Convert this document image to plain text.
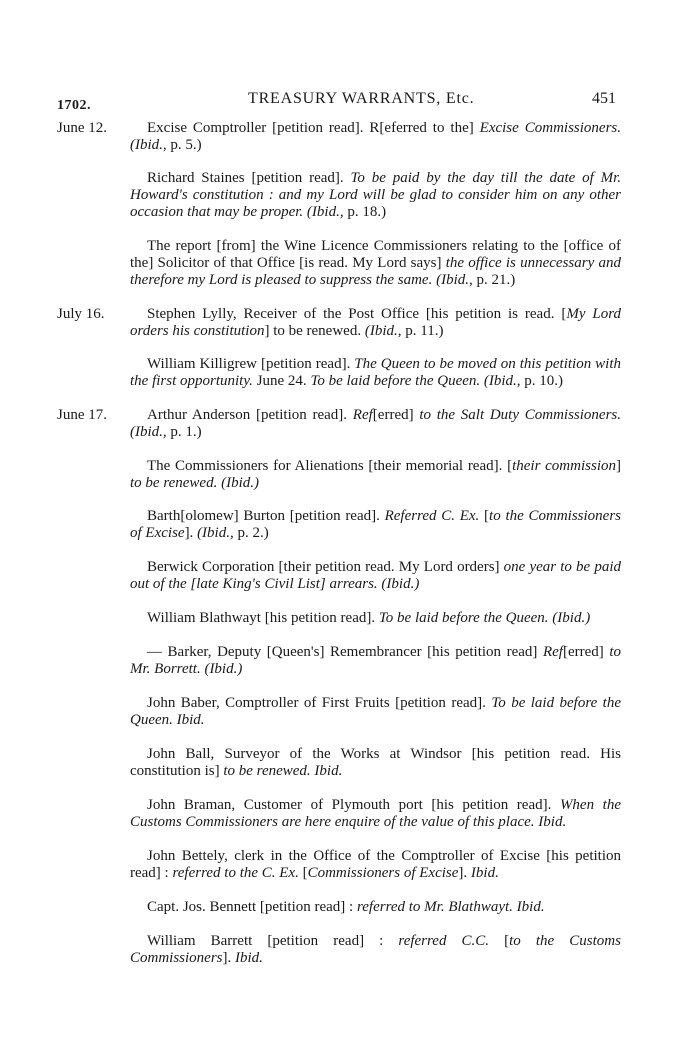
1702.	TREASURY WARRANTS, Etc.	451
June 12.	Excise Comptroller [petition read]. R[eferred to the] Excise Commissioners. (Ibid., p. 5.)
Richard Staines [petition read]. To be paid by the day till the date of Mr. Howard's constitution : and my Lord will be glad to consider him on any other occasion that may be proper. (Ibid., p. 18.)
The report [from] the Wine Licence Commissioners relating to the [office of the] Solicitor of that Office [is read. My Lord says] the office is unnecessary and therefore my Lord is pleased to suppress the same. (Ibid., p. 21.)
July 16.	Stephen Lylly, Receiver of the Post Office [his petition is read. [My Lord orders his constitution] to be renewed. (Ibid., p. 11.)
William Killigrew [petition read]. The Queen to be moved on this petition with the first opportunity. June 24. To be laid before the Queen. (Ibid., p. 10.)
June 17.	Arthur Anderson [petition read]. Ref[erred] to the Salt Duty Commissioners. (Ibid., p. 1.)
The Commissioners for Alienations [their memorial read]. [their commission] to be renewed. (Ibid.)
Barth[olomew] Burton [petition read]. Referred C. Ex. [to the Commissioners of Excise]. (Ibid., p. 2.)
Berwick Corporation [their petition read. My Lord orders] one year to be paid out of the [late King's Civil List] arrears. (Ibid.)
William Blathwayt [his petition read]. To be laid before the Queen. (Ibid.)
— Barker, Deputy [Queen's] Remembrancer [his petition read] Ref[erred] to Mr. Borrett. (Ibid.)
John Baber, Comptroller of First Fruits [petition read]. To be laid before the Queen. Ibid.
John Ball, Surveyor of the Works at Windsor [his petition read. His constitution is] to be renewed. Ibid.
John Braman, Customer of Plymouth port [his petition read]. When the Customs Commissioners are here enquire of the value of this place. Ibid.
John Bettely, clerk in the Office of the Comptroller of Excise [his petition read] : referred to the C. Ex. [Commissioners of Excise]. Ibid.
Capt. Jos. Bennett [petition read] : referred to Mr. Blathwayt. Ibid.
William Barrett [petition read] : referred C.C. [to the Customs Commissioners]. Ibid.
